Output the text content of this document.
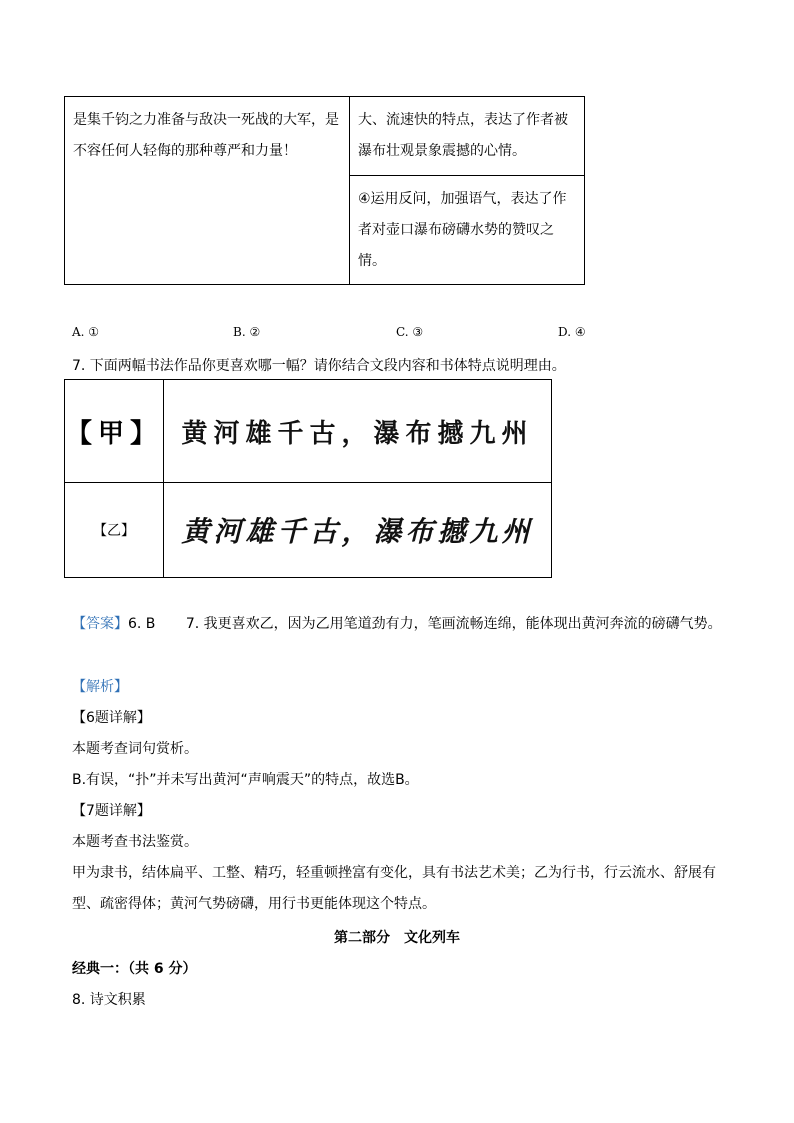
是集千钧之力准备与敌决一死战的大军，是不容任何人轻侮的那种尊严和力量！	大、流速快的特点，表达了作者被瀑布壮观景象震撼的心情。
④运用反问，加强语气，表达了作者对壶口瀑布磅礴水势的赞叹之情。
A. ①	B. ②	C. ③	D. ④
7. 下面两幅书法作品你更喜欢哪一幅？请你结合文段内容和书体特点说明理由。
【甲】	黄河雄千古，瀑布撼九州
【乙】	黄河雄千古，瀑布撼九州
【答案】6. B 7. 我更喜欢乙，因为乙用笔道劲有力，笔画流畅连绵，能体现出黄河奔流的磅礴气势。
【解析】
【6题详解】
本题考查词句赏析。
B.有误，“扑”并未写出黄河“声响震天”的特点，故选B。
【7题详解】
本题考查书法鉴赏。
甲为隶书，结体扁平、工整、精巧，轻重顿挫富有变化，具有书法艺术美；乙为行书，行云流水、舒展有
型、疏密得体；黄河气势磅礴，用行书更能体现这个特点。
第二部分　文化列车
经典一：（共 6 分）
8. 诗文积累
